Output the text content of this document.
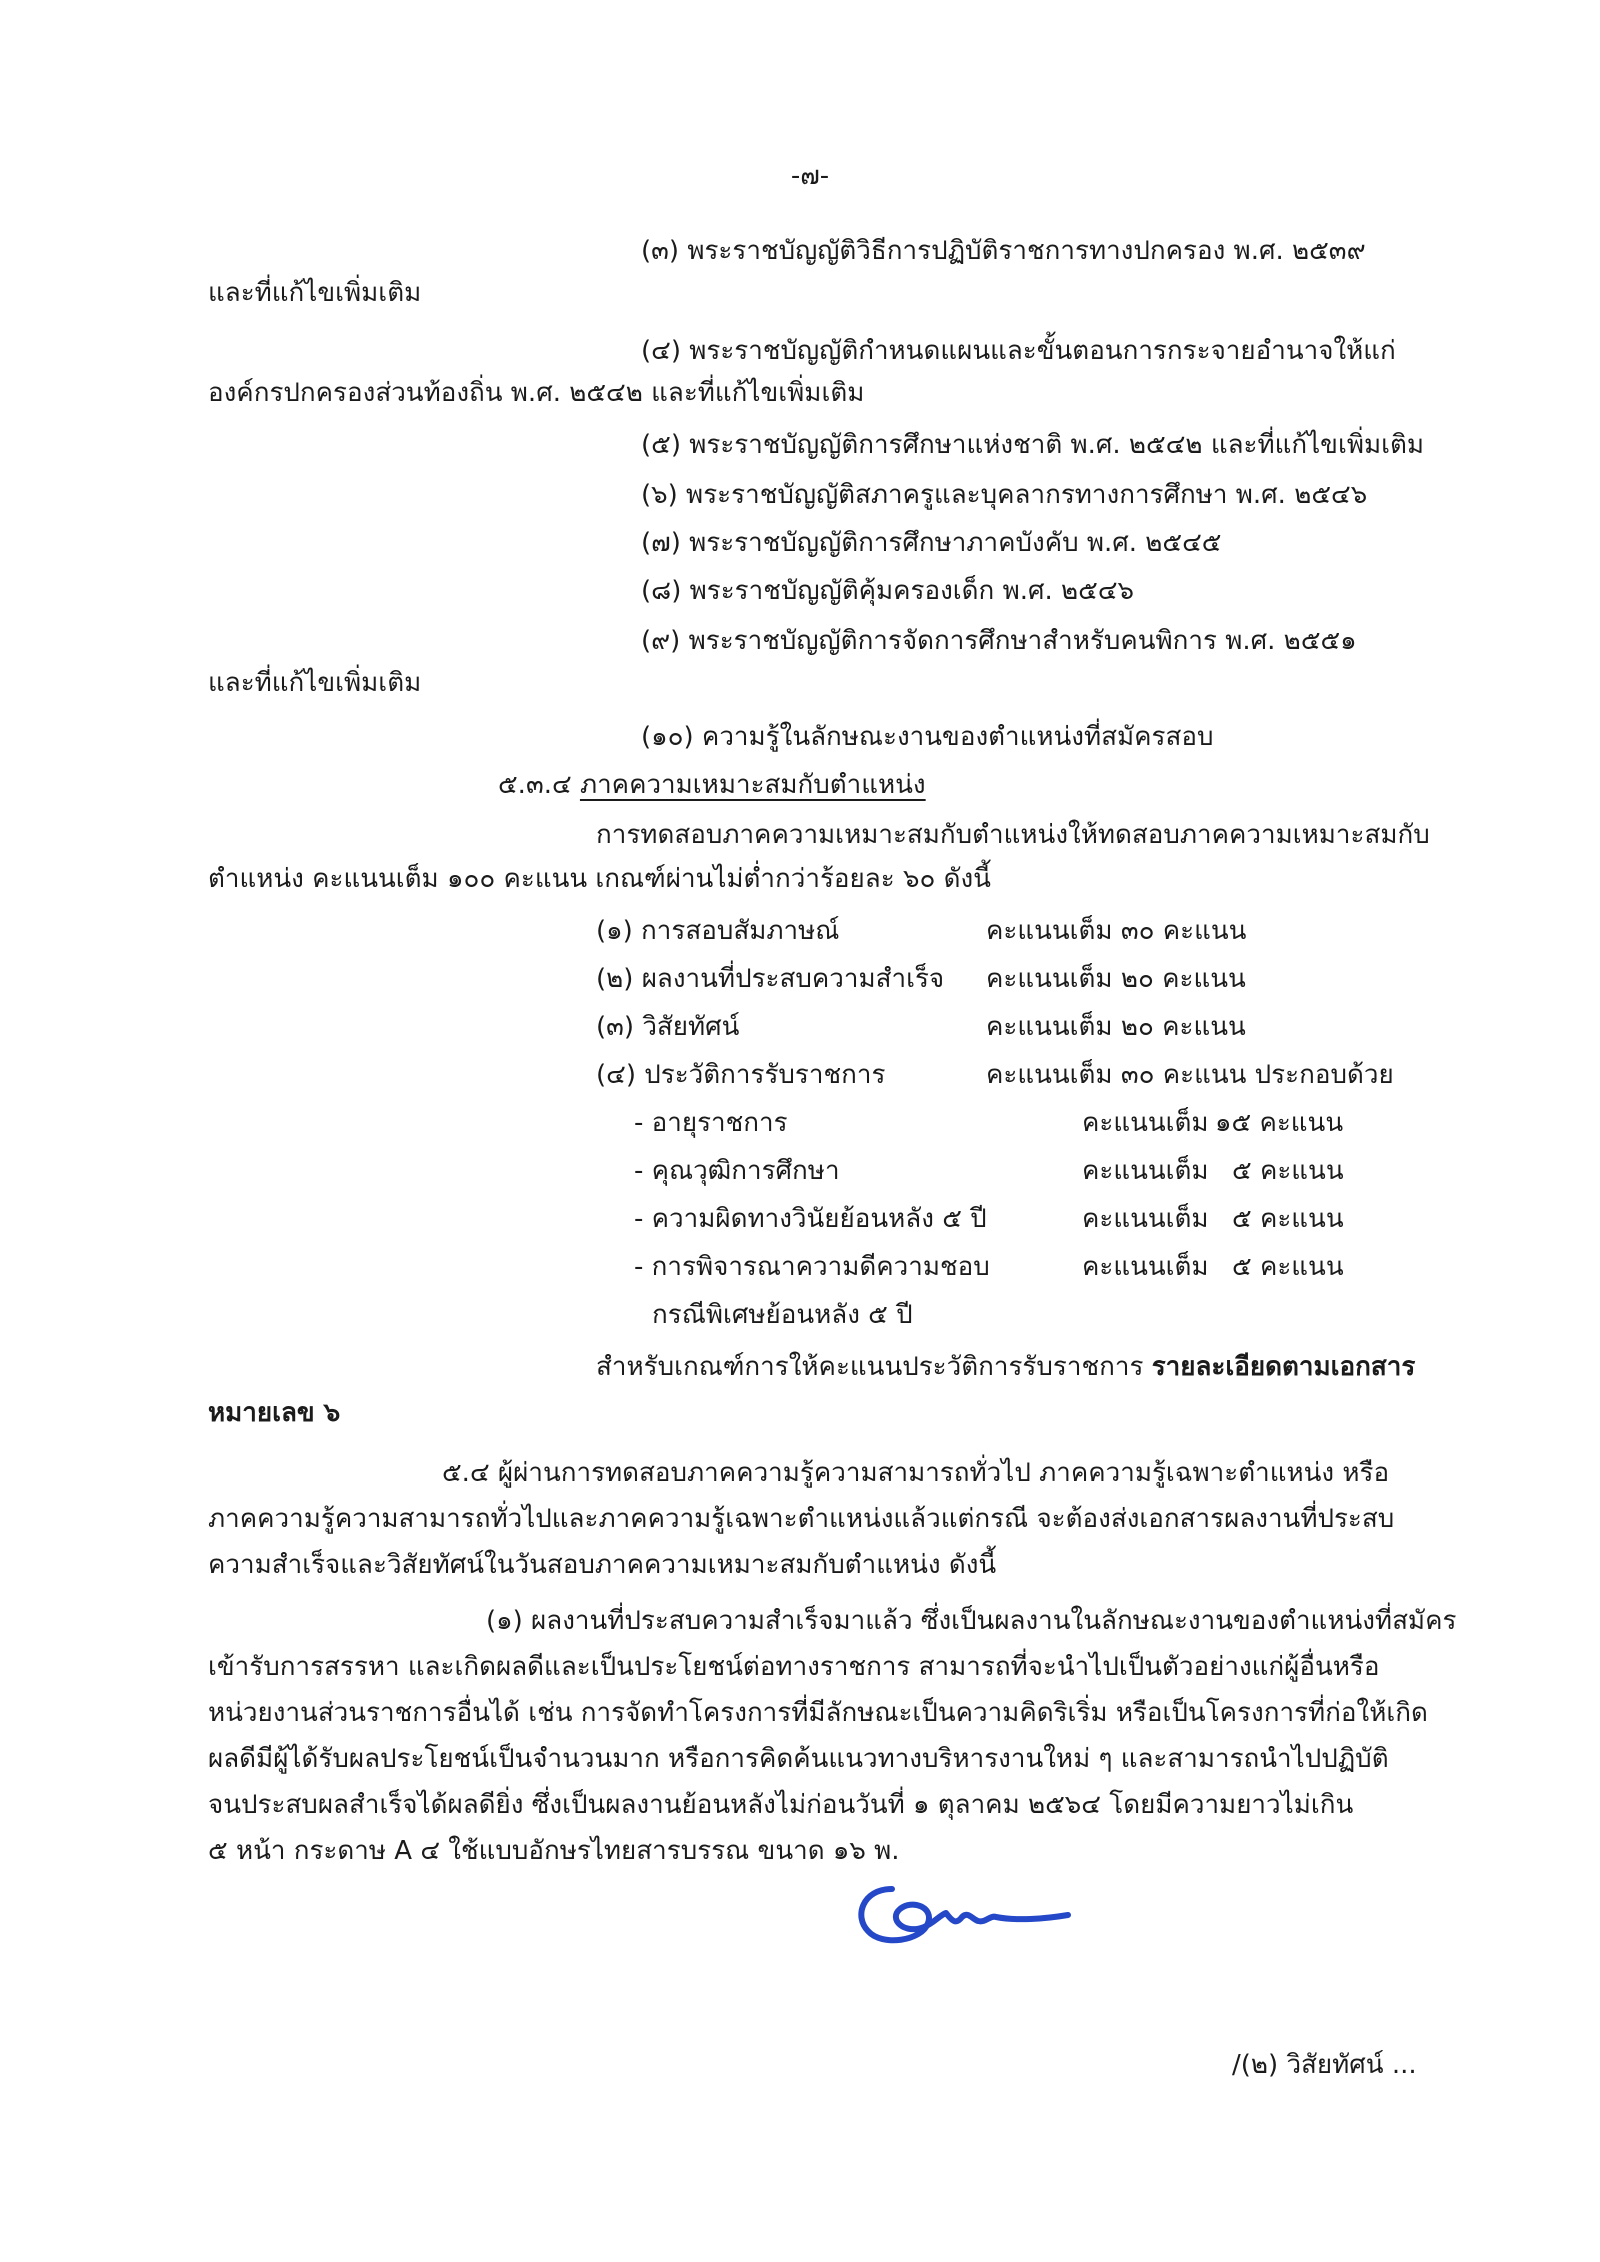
-๗-
(๓) พระราชบัญญัติวิธีการปฏิบัติราชการทางปกครอง พ.ศ. ๒๕๓๙
และที่แก้ไขเพิ่มเติม
(๔) พระราชบัญญัติกำหนดแผนและขั้นตอนการกระจายอำนาจให้แก่
องค์กรปกครองส่วนท้องถิ่น พ.ศ. ๒๕๔๒ และที่แก้ไขเพิ่มเติม
(๕) พระราชบัญญัติการศึกษาแห่งชาติ พ.ศ. ๒๕๔๒ และที่แก้ไขเพิ่มเติม
(๖) พระราชบัญญัติสภาครูและบุคลากรทางการศึกษา พ.ศ. ๒๕๔๖
(๗) พระราชบัญญัติการศึกษาภาคบังคับ พ.ศ. ๒๕๔๕
(๘) พระราชบัญญัติคุ้มครองเด็ก พ.ศ. ๒๕๔๖
(๙) พระราชบัญญัติการจัดการศึกษาสำหรับคนพิการ พ.ศ. ๒๕๕๑
และที่แก้ไขเพิ่มเติม
(๑๐) ความรู้ในลักษณะงานของตำแหน่งที่สมัครสอบ
๕.๓.๔ ภาคความเหมาะสมกับตำแหน่ง
การทดสอบภาคความเหมาะสมกับตำแหน่งให้ทดสอบภาคความเหมาะสมกับ
ตำแหน่ง คะแนนเต็ม ๑๐๐ คะแนน เกณฑ์ผ่านไม่ต่ำกว่าร้อยละ ๖๐ ดังนี้
(๑) การสอบสัมภาษณ์	คะแนนเต็ม ๓๐ คะแนน
(๒) ผลงานที่ประสบความสำเร็จ คะแนนเต็ม ๒๐ คะแนน
(๓) วิสัยทัศน์	คะแนนเต็ม ๒๐ คะแนน
(๔) ประวัติการรับราชการ	คะแนนเต็ม ๓๐ คะแนน ประกอบด้วย
- อายุราชการ	คะแนนเต็ม ๑๕ คะแนน
- คุณวุฒิการศึกษา	คะแนนเต็ม ๕ คะแนน
- ความผิดทางวินัยย้อนหลัง ๕ ปี	คะแนนเต็ม ๕ คะแนน
- การพิจารณาความดีความชอบ	คะแนนเต็ม ๕ คะแนน
กรณีพิเศษย้อนหลัง ๕ ปี
สำหรับเกณฑ์การให้คะแนนประวัติการรับราชการ รายละเอียดตามเอกสาร
หมายเลข ๖
๕.๔ ผู้ผ่านการทดสอบภาคความรู้ความสามารถทั่วไป ภาคความรู้เฉพาะตำแหน่ง หรือ
ภาคความรู้ความสามารถทั่วไปและภาคความรู้เฉพาะตำแหน่งแล้วแต่กรณี จะต้องส่งเอกสารผลงานที่ประสบ
ความสำเร็จและวิสัยทัศน์ในวันสอบภาคความเหมาะสมกับตำแหน่ง ดังนี้
(๑) ผลงานที่ประสบความสำเร็จมาแล้ว ซึ่งเป็นผลงานในลักษณะงานของตำแหน่งที่สมัคร
เข้ารับการสรรหา และเกิดผลดีและเป็นประโยชน์ต่อทางราชการ สามารถที่จะนำไปเป็นตัวอย่างแก่ผู้อื่นหรือ
หน่วยงานส่วนราชการอื่นได้ เช่น การจัดทำโครงการที่มีลักษณะเป็นความคิดริเริ่ม หรือเป็นโครงการที่ก่อให้เกิด
ผลดีมีผู้ได้รับผลประโยชน์เป็นจำนวนมาก หรือการคิดค้นแนวทางบริหารงานใหม่ ๆ และสามารถนำไปปฏิบัติ
จนประสบผลสำเร็จได้ผลดียิ่ง ซึ่งเป็นผลงานย้อนหลังไม่ก่อนวันที่ ๑ ตุลาคม ๒๕๖๔ โดยมีความยาวไม่เกิน
๕ หน้า กระดาษ A ๔ ใช้แบบอักษรไทยสารบรรณ ขนาด ๑๖ พ.
/(๒) วิสัยทัศน์ ...
